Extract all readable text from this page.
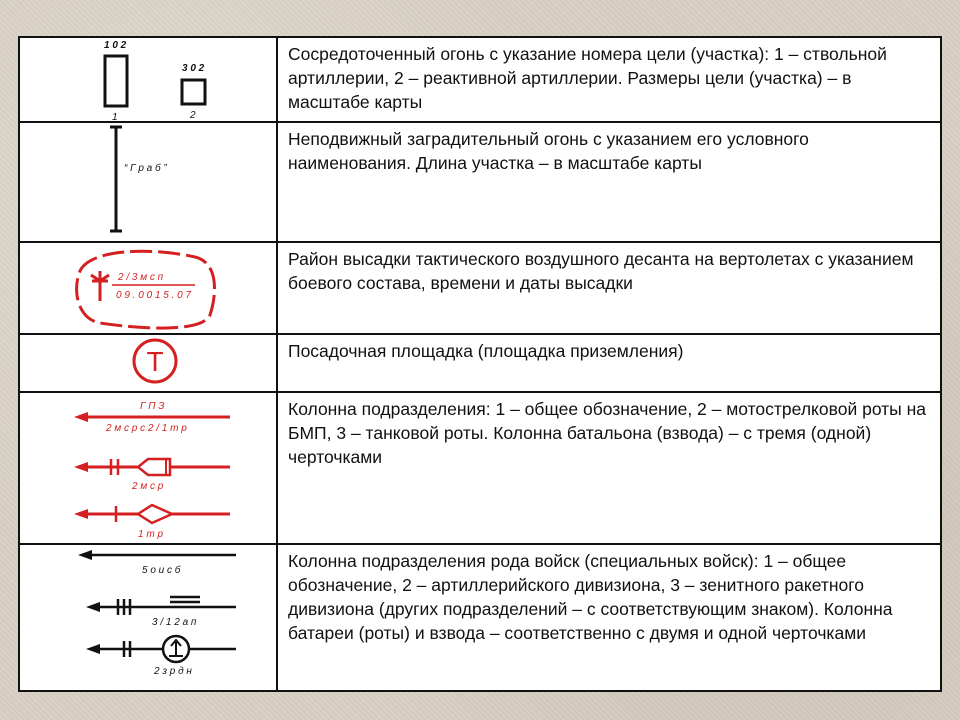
1 0 2
1
3 0 2
2
Сосредоточенный огонь с указание номера цели (участка): 1 – ствольной артиллерии, 2 – реактивной артиллерии. Размеры цели (участка) – в масштабе карты
“ Г р а б ”
Неподвижный заградительный огонь с указанием его условного наименования. Длина участка – в масштабе карты
2 / 3 м с п
0 9 . 0 0 1 5 . 0 7
Район высадки тактического воздушного десанта на вертолетах с указанием боевого состава, времени и даты высадки
Т	Посадочная площадка (площадка приземления)
Г П З
2 м с р с 2 / 1 т р
2 м с р
1 т р
Колонна подразделения: 1 – общее обозначение, 2 – мотострелковой роты на БМП, 3 – танковой роты. Колонна батальона (взвода) – с тремя (одной) черточками
5 о и с б
3 / 1 2 а п
2 з р д н
Колонна подразделения рода войск (специальных войск): 1 – общее обозначение, 2 – артиллерийского дивизиона, 3 – зенитного ракетного дивизиона (других подразделений – с соответствующим знаком). Колонна батареи (роты) и взвода – соответственно с двумя и одной черточками
